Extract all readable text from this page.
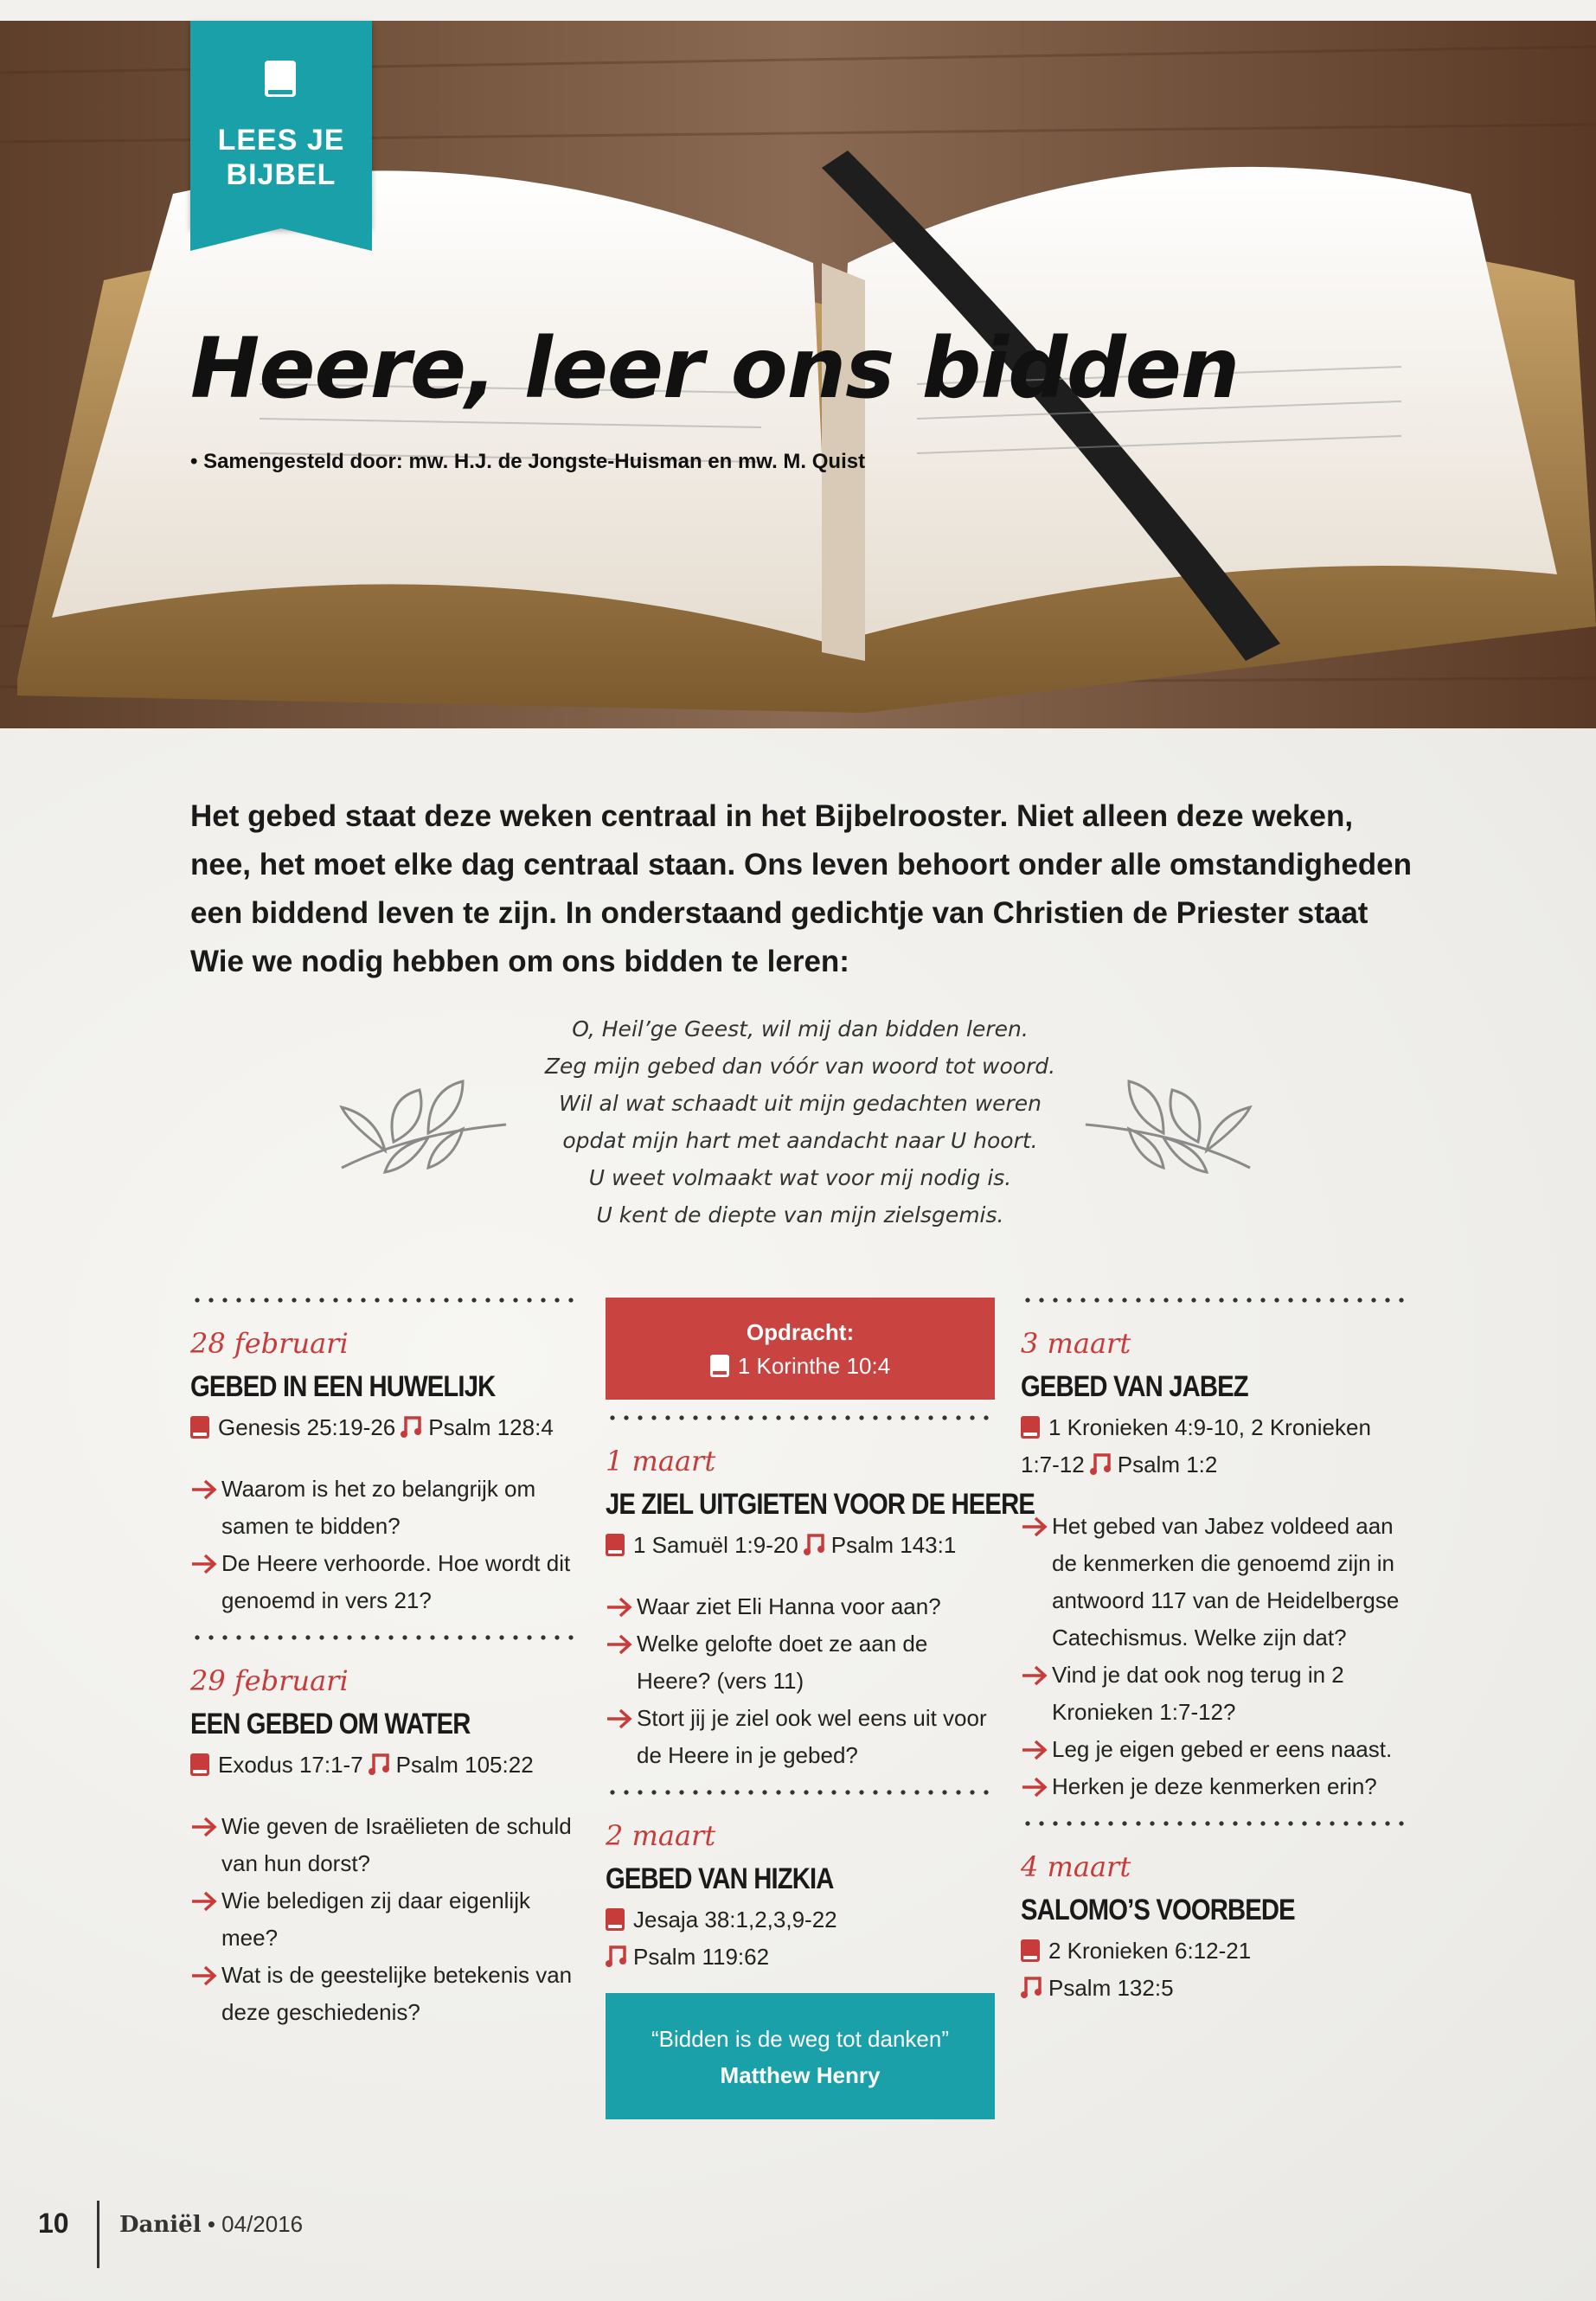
LEES JE
BIJBEL
Heere, leer ons bidden
• Samengesteld door: mw. H.J. de Jongste-Huisman en mw. M. Quist

Het gebed staat deze weken centraal in het Bijbelrooster. Niet alleen deze weken, nee, het moet elke dag centraal staan. Ons leven behoort onder alle omstandigheden een biddend leven te zijn. In onderstaand gedichtje van Christien de Priester staat Wie we nodig hebben om ons bidden te leren:

O, Heil’ge Geest, wil mij dan bidden leren.
Zeg mijn gebed dan vóór van woord tot woord.
Wil al wat schaadt uit mijn gedachten weren
opdat mijn hart met aandacht naar U hoort.
U weet volmaakt wat voor mij nodig is.
U kent de diepte van mijn zielsgemis.
28 februari
GEBED IN EEN HUWELIJK
Genesis 25:19-26 Psalm 128:4
Waarom is het zo belangrijk om samen te bidden?
De Heere verhoorde. Hoe wordt dit genoemd in vers 21?
29 februari
EEN GEBED OM WATER
Exodus 17:1-7 Psalm 105:22
Wie geven de Israëlieten de schuld van hun dorst?
Wie beledigen zij daar eigenlijk mee?
Wat is de geestelijke betekenis van deze geschiedenis?
Opdracht:
1 Korinthe 10:4
1 maart
JE ZIEL UITGIETEN VOOR DE HEERE
1 Samuël 1:9-20 Psalm 143:1
Waar ziet Eli Hanna voor aan?
Welke gelofte doet ze aan de Heere? (vers 11)
Stort jij je ziel ook wel eens uit voor de Heere in je gebed?
2 maart
GEBED VAN HIZKIA
Jesaja 38:1,2,3,9-22
Psalm 119:62
“Bidden is de weg tot danken”
Matthew Henry
3 maart
GEBED VAN JABEZ
1 Kronieken 4:9-10, 2 Kronieken 1:7-12 Psalm 1:2
Het gebed van Jabez voldeed aan de kenmerken die genoemd zijn in antwoord 117 van de Heidelbergse Catechismus. Welke zijn dat?
Vind je dat ook nog terug in 2 Kronieken 1:7-12?
Leg je eigen gebed er eens naast.
Herken je deze kenmerken erin?
4 maart
SALOMO’S VOORBEDE
2 Kronieken 6:12-21
Psalm 132:5
10 Daniël • 04/2016
